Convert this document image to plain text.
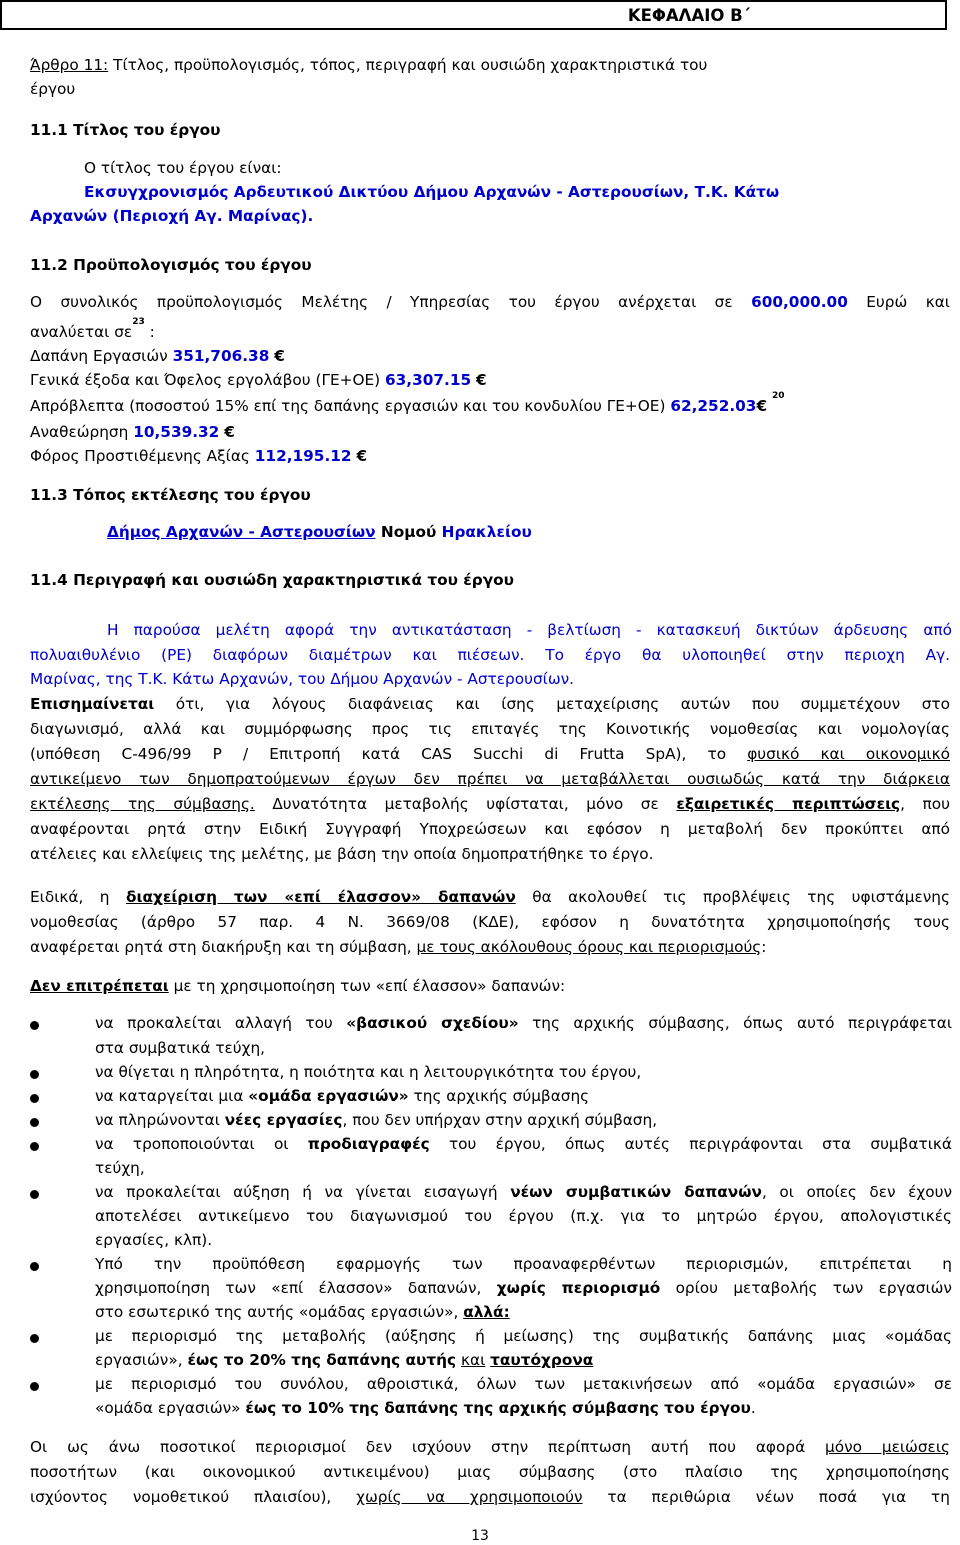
ΚΕΦΑΛΑΙΟ Β΄
Άρθρο 11: Τίτλος, προϋπολογισμός, τόπος, περιγραφή και ουσιώδη χαρακτηριστικά του
έργου
11.1 Τίτλος του έργου
Ο τίτλος του έργου είναι:
Εκσυγχρονισμός Αρδευτικού Δικτύου Δήμου Αρχανών - Αστερουσίων, Τ.Κ. Κάτω
Αρχανών (Περιοχή Αγ. Μαρίνας).
11.2 Προϋπολογισμός του έργου
Ο συνολικός προϋπολογισμός Μελέτης / Υπηρεσίας του έργου ανέρχεται σε 600,000.00 Ευρώ και
αναλύεται $\sigma\varepsilon^{23}$ :
Δαπάνη Εργασιών 351,706.38 €
Γενικά έξοδα και Όφελος εργολάβου (ΓΕ+ΟΕ) 63,307.15 €
Απρόβλεπτα (ποσοστού 15% επί της δαπάνης εργασιών και του κονδυλίου ΓΕ+ΟΕ) 62,252.03€ $^{20}$
Αναθεώρηση 10,539.32 €
Φόρος Προστιθέμενης Αξίας 112,195.12 €
11.3 Τόπος εκτέλεσης του έργου
Δήμος Αρχανών - Αστερουσίων Νομού Ηρακλείου
11.4 Περιγραφή και ουσιώδη χαρακτηριστικά του έργου
Η παρούσα μελέτη αφορά την αντικατάσταση - βελτίωση - κατασκευή δικτύων άρδευσης από
πολυαιθυλένιο (PE) διαφόρων διαμέτρων και πιέσεων. Το έργο θα υλοποιηθεί στην περιοχη Αγ.
Μαρίνας, της Τ.Κ. Κάτω Αρχανών, του Δήμου Αρχανών - Αστερουσίων.
Επισημαίνεται ότι, για λόγους διαφάνειας και ίσης μεταχείρισης αυτών που συμμετέχουν στο
διαγωνισμό, αλλά και συμμόρφωσης προς τις επιταγές της Κοινοτικής νομοθεσίας και νομολογίας
(υπόθεση C-496/99 P / Επιτροπή κατά CAS Succhi di Frutta SpA), το φυσικό και οικονομικό
αντικείμενο των δημοπρατούμενων έργων δεν πρέπει να μεταβάλλεται ουσιωδώς κατά την διάρκεια
εκτέλεσης της σύμβασης. Δυνατότητα μεταβολής υφίσταται, μόνο σε εξαιρετικές περιπτώσεις, που
αναφέρονται ρητά στην Ειδική Συγγραφή Υποχρεώσεων και εφόσον η μεταβολή δεν προκύπτει από
ατέλειες και ελλείψεις της μελέτης, με βάση την οποία δημοπρατήθηκε το έργο.
Ειδικά, η διαχείριση των «επί έλασσον» δαπανών θα ακολουθεί τις προβλέψεις της υφιστάμενης
νομοθεσίας (άρθρο 57 παρ. 4 Ν. 3669/08 (ΚΔΕ), εφόσον η δυνατότητα χρησιμοποίησής τους
αναφέρεται ρητά στη διακήρυξη και τη σύμβαση, με τους ακόλουθους όρους και περιορισμούς:
Δεν επιτρέπεται με τη χρησιμοποίηση των «επί έλασσον» δαπανών:
να προκαλείται αλλαγή του «βασικού σχεδίου» της αρχικής σύμβασης, όπως αυτό περιγράφεται
στα συμβατικά τεύχη,
να θίγεται η πληρότητα, η ποιότητα και η λειτουργικότητα του έργου,
να καταργείται μια «ομάδα εργασιών» της αρχικής σύμβασης
να πληρώνονται νέες εργασίες, που δεν υπήρχαν στην αρχική σύμβαση,
να τροποποιούνται οι προδιαγραφές του έργου, όπως αυτές περιγράφονται στα συμβατικά
τεύχη,
να προκαλείται αύξηση ή να γίνεται εισαγωγή νέων συμβατικών δαπανών, οι οποίες δεν έχουν
αποτελέσει αντικείμενο του διαγωνισμού του έργου (π.χ. για το μητρώο έργου, απολογιστικές
εργασίες, κλπ).
Υπό την προϋπόθεση εφαρμογής των προαναφερθέντων περιορισμών, επιτρέπεται η
χρησιμοποίηση των «επί έλασσον» δαπανών, χωρίς περιορισμό ορίου μεταβολής των εργασιών
στο εσωτερικό της αυτής «ομάδας εργασιών», αλλά:
με περιορισμό της μεταβολής (αύξησης ή μείωσης) της συμβατικής δαπάνης μιας «ομάδας
εργασιών», έως το 20% της δαπάνης αυτής και ταυτόχρονα
με περιορισμό του συνόλου, αθροιστικά, όλων των μετακινήσεων από «ομάδα εργασιών» σε
«ομάδα εργασιών» έως το 10% της δαπάνης της αρχικής σύμβασης του έργου.
Οι ως άνω ποσοτικοί περιορισμοί δεν ισχύουν στην περίπτωση αυτή που αφορά μόνο μειώσεις
ποσοτήτων (και οικονομικού αντικειμένου) μιας σύμβασης (στο πλαίσιο της χρησιμοποίησης
ισχύοντος νομοθετικού πλαισίου), χωρίς να χρησιμοποιούν τα περιθώρια νέων ποσά για τη
13
